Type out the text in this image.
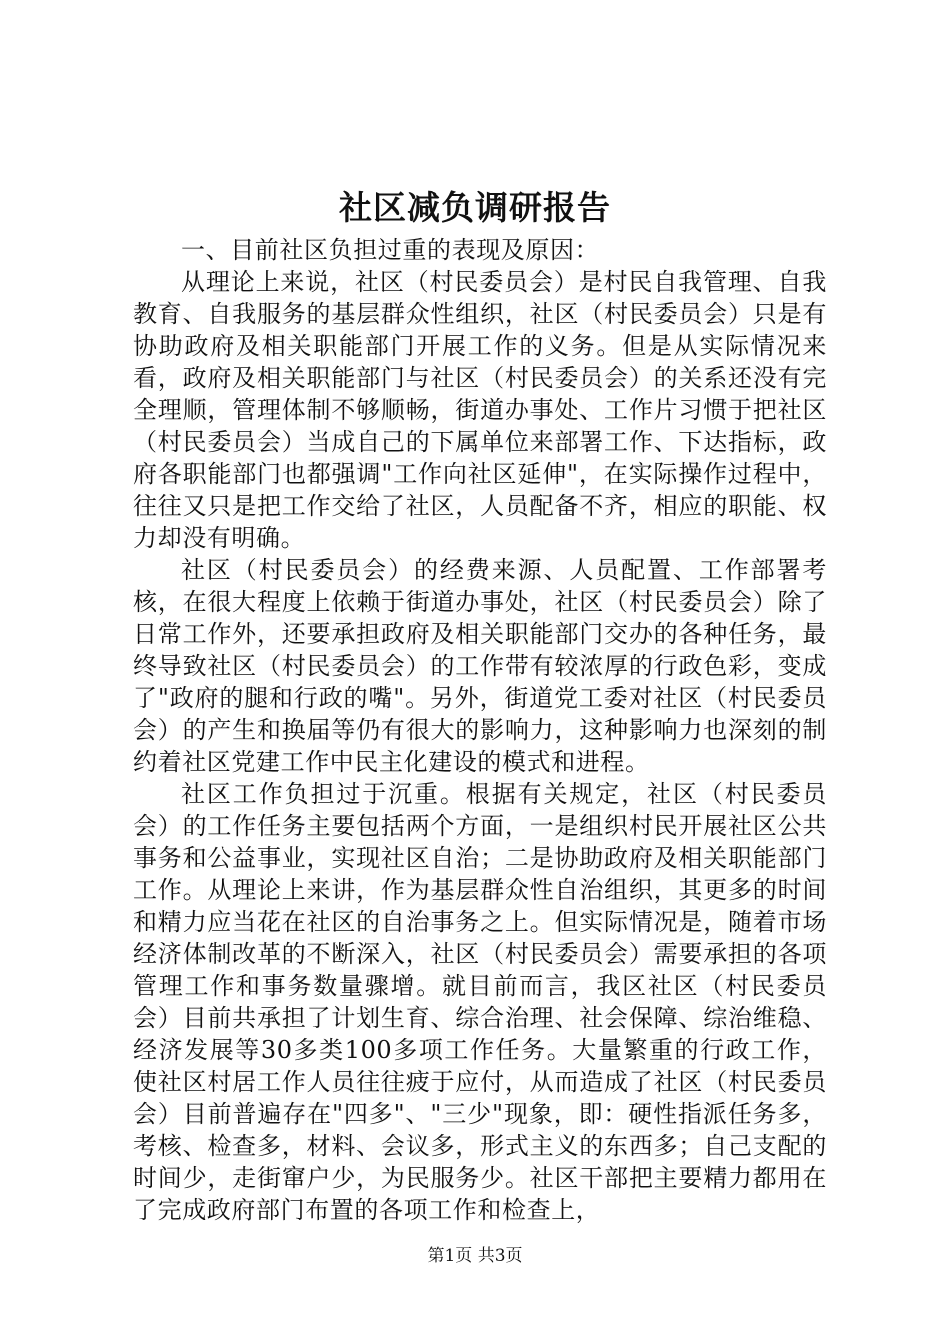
社区减负调研报告

一、目前社区负担过重的表现及原因：

从理论上来说，社区（村民委员会）是村民自我管理、自我教育、自我服务的基层群众性组织，社区（村民委员会）只是有协助政府及相关职能部门开展工作的义务。但是从实际情况来看，政府及相关职能部门与社区（村民委员会）的关系还没有完全理顺，管理体制不够顺畅，街道办事处、工作片习惯于把社区（村民委员会）当成自己的下属单位来部署工作、下达指标，政府各职能部门也都强调"工作向社区延伸"，在实际操作过程中，往往又只是把工作交给了社区，人员配备不齐，相应的职能、权力却没有明确。

社区（村民委员会）的经费来源、人员配置、工作部署考核，在很大程度上依赖于街道办事处，社区（村民委员会）除了日常工作外，还要承担政府及相关职能部门交办的各种任务，最终导致社区（村民委员会）的工作带有较浓厚的行政色彩，变成了"政府的腿和行政的嘴"。另外，街道党工委对社区（村民委员会）的产生和换届等仍有很大的影响力，这种影响力也深刻的制约着社区党建工作中民主化建设的模式和进程。

社区工作负担过于沉重。根据有关规定，社区（村民委员会）的工作任务主要包括两个方面，一是组织村民开展社区公共事务和公益事业，实现社区自治；二是协助政府及相关职能部门工作。从理论上来讲，作为基层群众性自治组织，其更多的时间和精力应当花在社区的自治事务之上。但实际情况是，随着市场经济体制改革的不断深入，社区（村民委员会）需要承担的各项管理工作和事务数量骤增。就目前而言，我区社区（村民委员会）目前共承担了计划生育、综合治理、社会保障、综治维稳、经济发展等30多类100多项工作任务。大量繁重的行政工作，使社区村居工作人员往往疲于应付，从而造成了社区（村民委员会）目前普遍存在"四多"、"三少"现象，即：硬性指派任务多，考核、检查多，材料、会议多，形式主义的东西多；自己支配的时间少，走街窜户少，为民服务少。社区干部把主要精力都用在了完成政府部门布置的各项工作和检查上，

第1页 共3页
